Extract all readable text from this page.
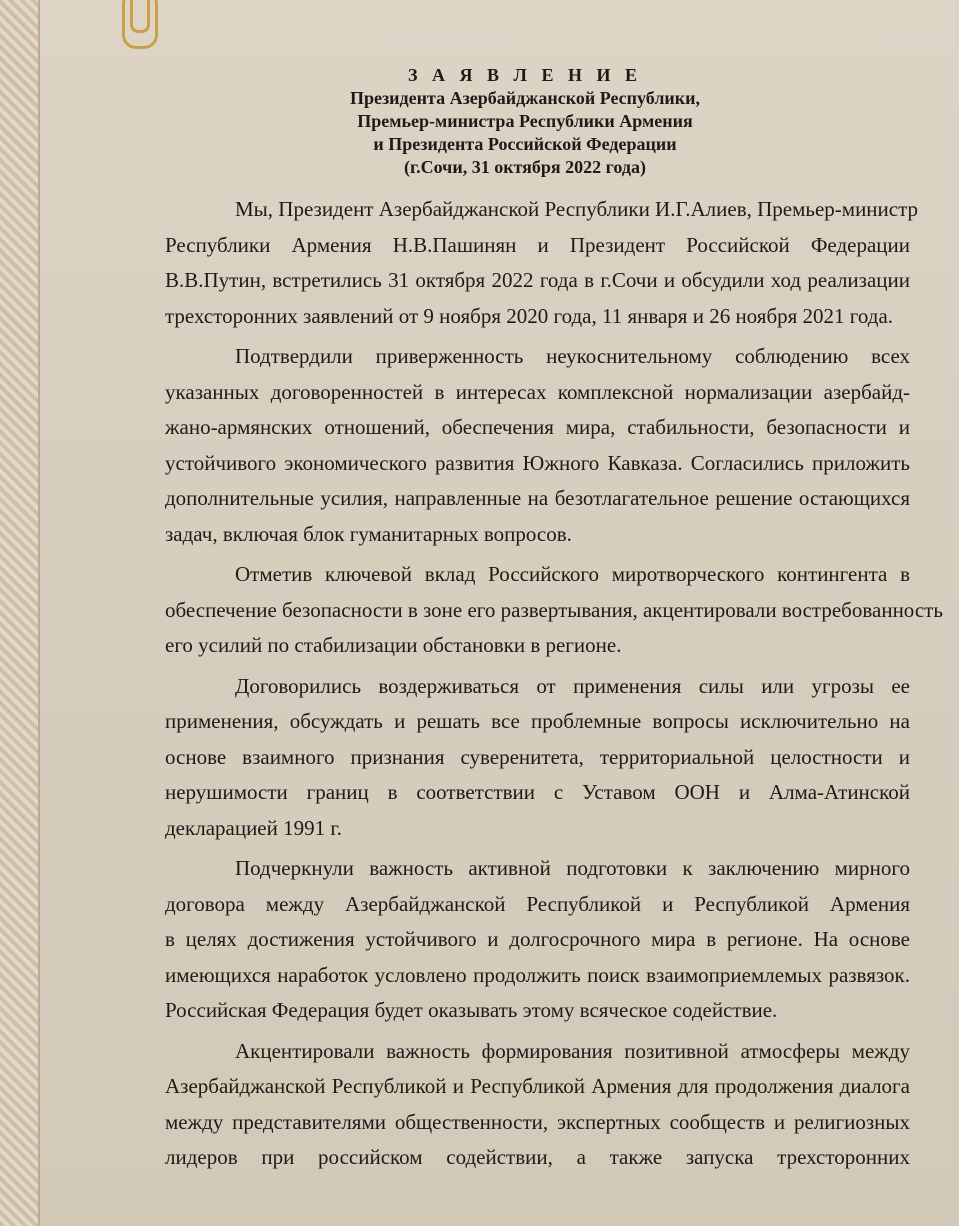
З А Я В Л Е Н И Е
Президента Азербайджанской Республики,
Премьер-министра Республики Армения
и Президента Российской Федерации
(г.Сочи, 31 октября 2022 года)
Мы, Президент Азербайджанской Республики И.Г.Алиев, Премьер-министр
Республики Армения Н.В.Пашинян и Президент Российской Федерации
В.В.Путин, встретились 31 октября 2022 года в г.Сочи и обсудили ход реализации
трехсторонних заявлений от 9 ноября 2020 года, 11 января и 26 ноября 2021 года.
Подтвердили приверженность неукоснительному соблюдению всех
указанных договоренностей в интересах комплексной нормализации азербайд-
жано-армянских отношений, обеспечения мира, стабильности, безопасности и
устойчивого экономического развития Южного Кавказа. Согласились приложить
дополнительные усилия, направленные на безотлагательное решение остающихся
задач, включая блок гуманитарных вопросов.
Отметив ключевой вклад Российского миротворческого контингента в
обеспечение безопасности в зоне его развертывания, акцентировали востребованность
его усилий по стабилизации обстановки в регионе.
Договорились воздерживаться от применения силы или угрозы ее
применения, обсуждать и решать все проблемные вопросы исключительно на
основе взаимного признания суверенитета, территориальной целостности и
нерушимости границ в соответствии с Уставом ООН и Алма-Атинской
декларацией 1991 г.
Подчеркнули важность активной подготовки к заключению мирного
договора между Азербайджанской Республикой и Республикой Армения
в целях достижения устойчивого и долгосрочного мира в регионе. На основе
имеющихся наработок условлено продолжить поиск взаимоприемлемых развязок.
Российская Федерация будет оказывать этому всяческое содействие.
Акцентировали важность формирования позитивной атмосферы между
Азербайджанской Республикой и Республикой Армения для продолжения диалога
между представителями общественности, экспертных сообществ и религиозных
лидеров при российском содействии, а также запуска трехсторонних
